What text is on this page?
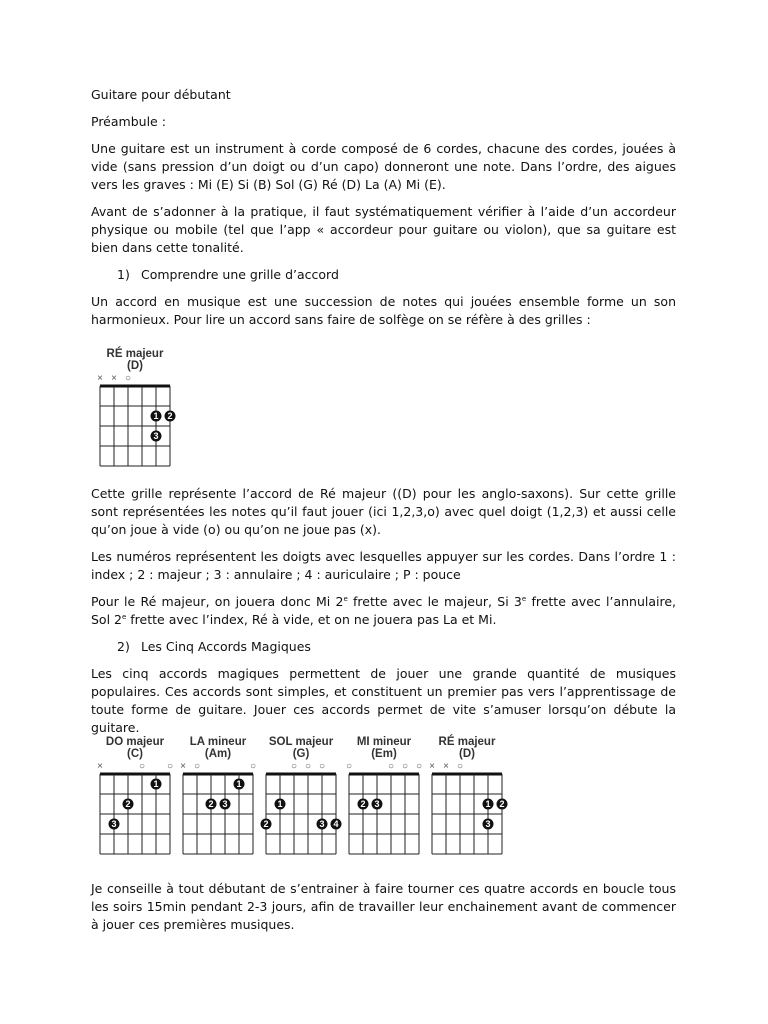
Guitare pour débutant
Préambule :

Une guitare est un instrument à corde composé de 6 cordes, chacune des cordes, jouées à vide (sans pression d’un doigt ou d’un capo) donneront une note. Dans l’ordre, des aigues vers les graves : Mi (E) Si (B) Sol (G) Ré (D) La (A) Mi (E).

Avant de s’adonner à la pratique, il faut systématiquement vérifier à l’aide d’un accordeur physique ou mobile (tel que l’app « accordeur pour guitare ou violon), que sa guitare est bien dans cette tonalité.

1) Comprendre une grille d’accord

Un accord en musique est une succession de notes qui jouées ensemble forme un son harmonieux. Pour lire un accord sans faire de solfège on se réfère à des grilles :

RÉ majeur
(D)
× × ○
1 2
3

Cette grille représente l’accord de Ré majeur ((D) pour les anglo-saxons). Sur cette grille sont représentées les notes qu’il faut jouer (ici 1,2,3,o) avec quel doigt (1,2,3) et aussi celle qu’on joue à vide (o) ou qu’on ne joue pas (x).

Les numéros représentent les doigts avec lesquelles appuyer sur les cordes. Dans l’ordre 1 : index ; 2 : majeur ; 3 : annulaire ; 4 : auriculaire ; P : pouce

Pour le Ré majeur, on jouera donc Mi 2e frette avec le majeur, Si 3e frette avec l’annulaire, Sol 2e frette avec l’index, Ré à vide, et on ne jouera pas La et Mi.

2) Les Cinq Accords Magiques

Les cinq accords magiques permettent de jouer une grande quantité de musiques populaires. Ces accords sont simples, et constituent un premier pas vers l’apprentissage de toute forme de guitare. Jouer ces accords permet de vite s’amuser lorsqu’on débute la guitare.

DO majeur
(C)
×	○ ○
1
2
3
LA mineur
(Am)
× ○	○
1
2 3
SOL majeur
(G)
○ ○ ○
1
2	3 4
MI mineur
(Em)
○	○ ○ ○
2 3
RÉ majeur
(D)
× × ○
1 2
3

Je conseille à tout débutant de s’entrainer à faire tourner ces quatre accords en boucle tous les soirs 15min pendant 2-3 jours, afin de travailler leur enchainement avant de commencer à jouer ces premières musiques.
